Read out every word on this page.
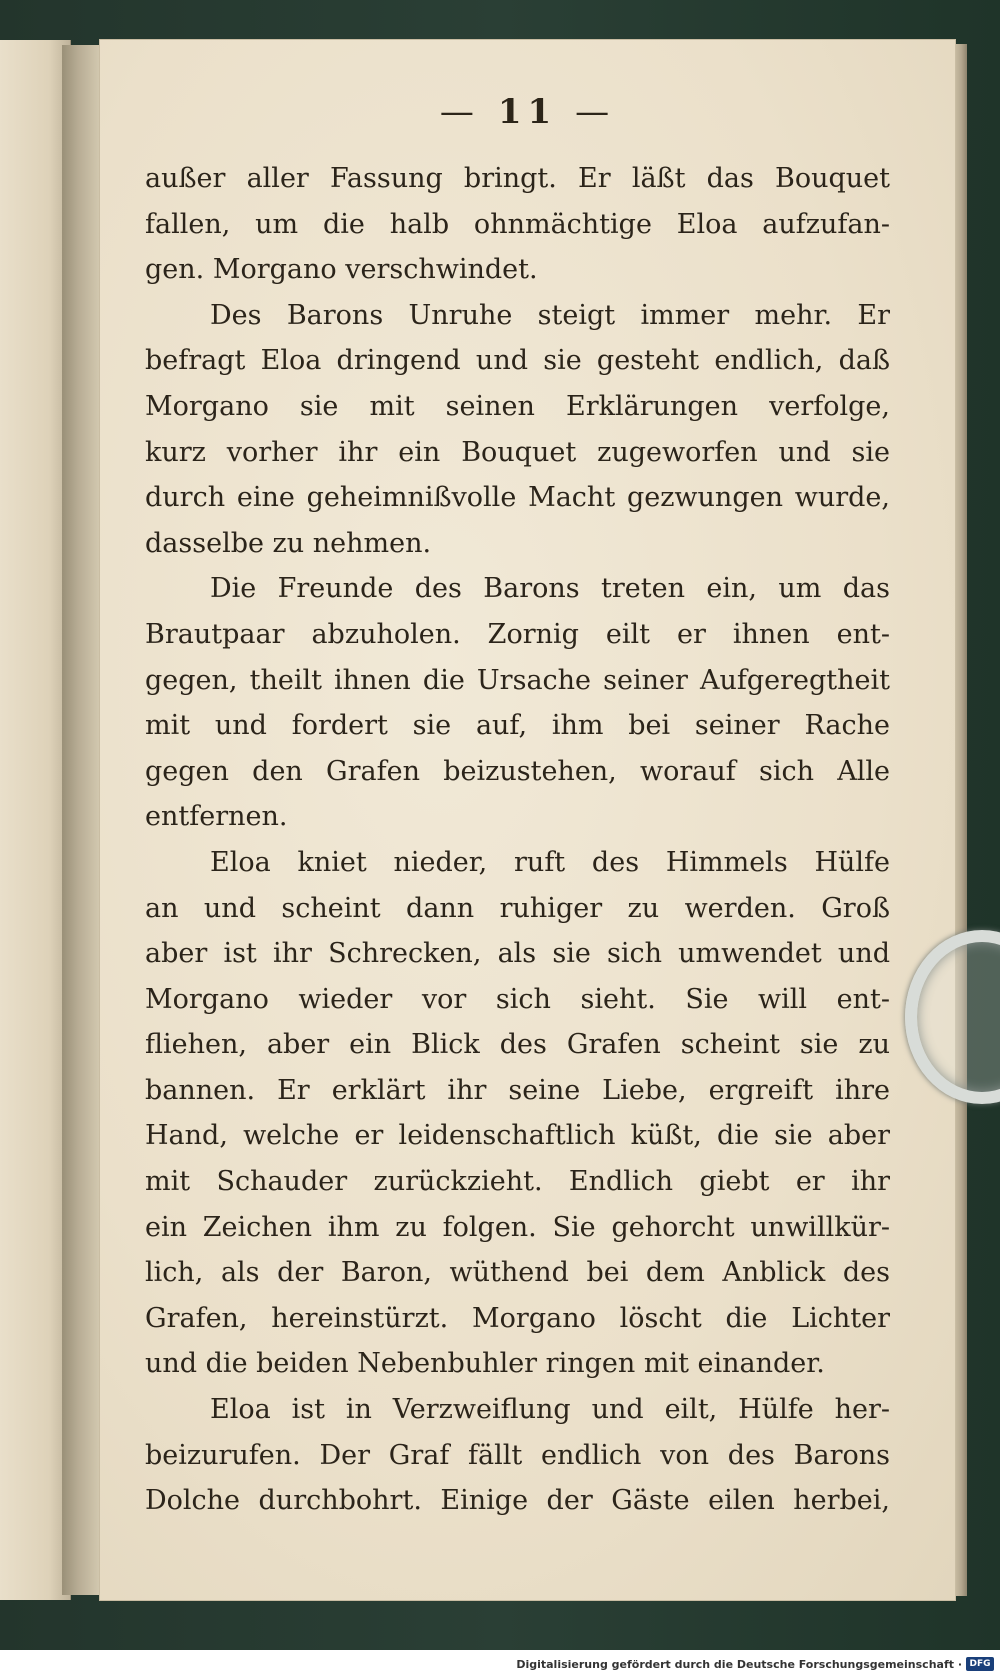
— 11 —
außer aller Fassung bringt. Er läßt das Bouquet
fallen, um die halb ohnmächtige Eloa aufzufan-
gen. Morgano verschwindet.
Des Barons Unruhe steigt immer mehr. Er
befragt Eloa dringend und sie gesteht endlich, daß
Morgano sie mit seinen Erklärungen verfolge,
kurz vorher ihr ein Bouquet zugeworfen und sie
durch eine geheimnißvolle Macht gezwungen wurde,
dasselbe zu nehmen.
Die Freunde des Barons treten ein, um das
Brautpaar abzuholen. Zornig eilt er ihnen ent-
gegen, theilt ihnen die Ursache seiner Aufgeregtheit
mit und fordert sie auf, ihm bei seiner Rache
gegen den Grafen beizustehen, worauf sich Alle
entfernen.
Eloa kniet nieder, ruft des Himmels Hülfe
an und scheint dann ruhiger zu werden. Groß
aber ist ihr Schrecken, als sie sich umwendet und
Morgano wieder vor sich sieht. Sie will ent-
fliehen, aber ein Blick des Grafen scheint sie zu
bannen. Er erklärt ihr seine Liebe, ergreift ihre
Hand, welche er leidenschaftlich küßt, die sie aber
mit Schauder zurückzieht. Endlich giebt er ihr
ein Zeichen ihm zu folgen. Sie gehorcht unwillkür-
lich, als der Baron, wüthend bei dem Anblick des
Grafen, hereinstürzt. Morgano löscht die Lichter
und die beiden Nebenbuhler ringen mit einander.
Eloa ist in Verzweiflung und eilt, Hülfe her-
beizurufen. Der Graf fällt endlich von des Barons
Dolche durchbohrt. Einige der Gäste eilen herbei,
Digitalisierung gefördert durch die Deutsche Forschungsgemeinschaft · DFG
